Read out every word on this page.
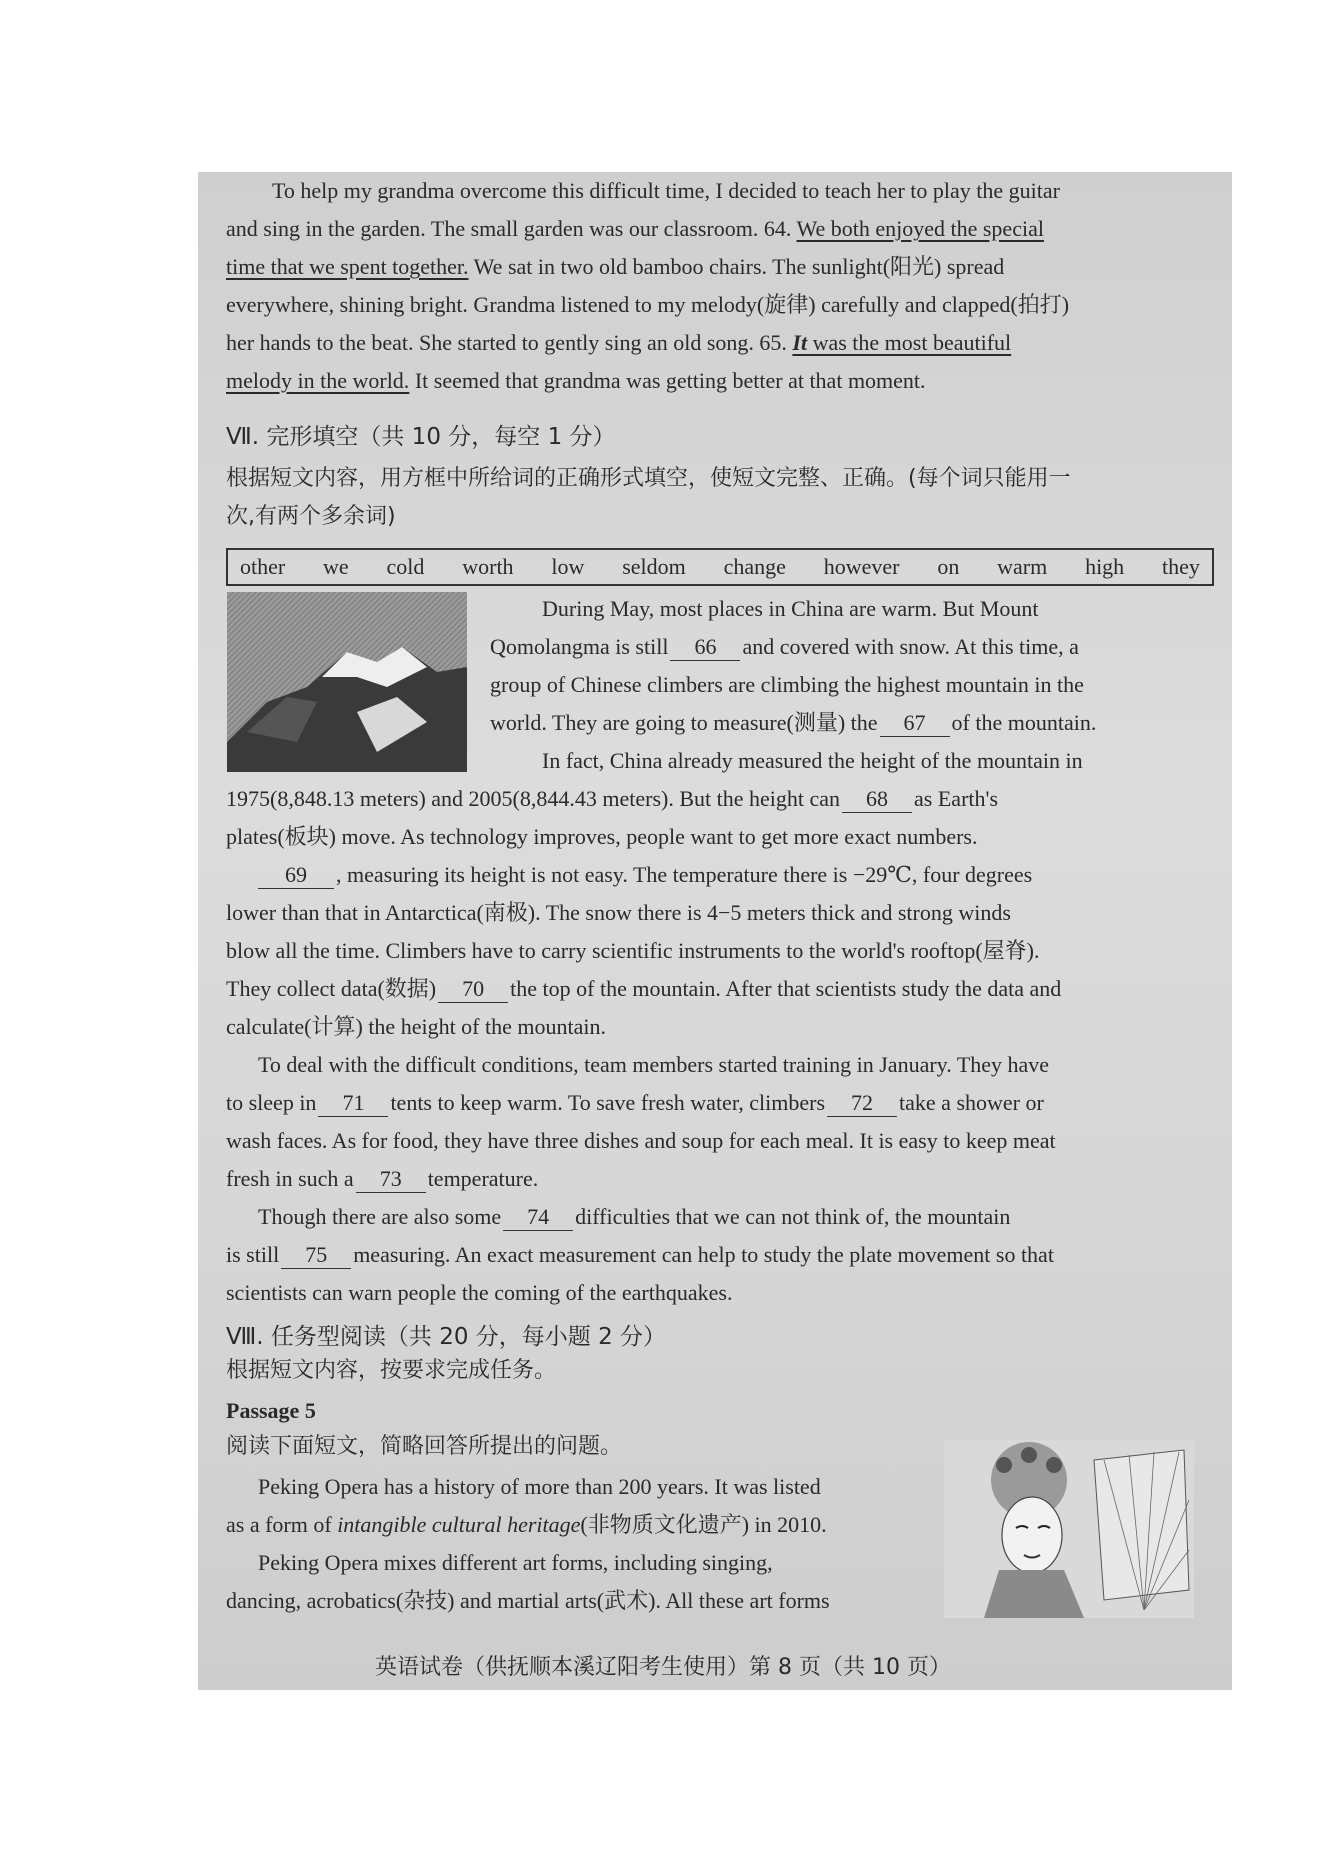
To help my grandma overcome this difficult time, I decided to teach her to play the guitar
and sing in the garden. The small garden was our classroom. 64. We both enjoyed the special
time that we spent together. We sat in two old bamboo chairs. The sunlight(阳光) spread
everywhere, shining bright. Grandma listened to my melody(旋律) carefully and clapped(拍打)
her hands to the beat. She started to gently sing an old song. 65. It was the most beautiful
melody in the world. It seemed that grandma was getting better at that moment.
Ⅶ. 完形填空（共 10 分，每空 1 分）
根据短文内容，用方框中所给词的正确形式填空，使短文完整、正确。(每个词只能用一
次,有两个多余词)
other we cold worth low seldom change however on warm high they
During May, most places in China are warm. But Mount
Qomolangma is still 66 and covered with snow. At this time, a
group of Chinese climbers are climbing the highest mountain in the
world. They are going to measure(测量) the 67 of the mountain.
In fact, China already measured the height of the mountain in
1975(8,848.13 meters) and 2005(8,844.43 meters). But the height can 68 as Earth's
plates(板块) move. As technology improves, people want to get more exact numbers.
69 , measuring its height is not easy. The temperature there is −29℃, four degrees
lower than that in Antarctica(南极). The snow there is 4−5 meters thick and strong winds
blow all the time. Climbers have to carry scientific instruments to the world's rooftop(屋脊).
They collect data(数据) 70 the top of the mountain. After that scientists study the data and
calculate(计算) the height of the mountain.
To deal with the difficult conditions, team members started training in January. They have
to sleep in 71 tents to keep warm. To save fresh water, climbers 72 take a shower or
wash faces. As for food, they have three dishes and soup for each meal. It is easy to keep meat
fresh in such a 73 temperature.
Though there are also some 74 difficulties that we can not think of, the mountain
is still 75 measuring. An exact measurement can help to study the plate movement so that
scientists can warn people the coming of the earthquakes.
Ⅷ. 任务型阅读（共 20 分，每小题 2 分）
根据短文内容，按要求完成任务。
Passage 5
阅读下面短文，简略回答所提出的问题。
Peking Opera has a history of more than 200 years. It was listed
as a form of intangible cultural heritage(非物质文化遗产) in 2010.
Peking Opera mixes different art forms, including singing,
dancing, acrobatics(杂技) and martial arts(武术). All these art forms
英语试卷（供抚顺本溪辽阳考生使用）第 8 页（共 10 页）
